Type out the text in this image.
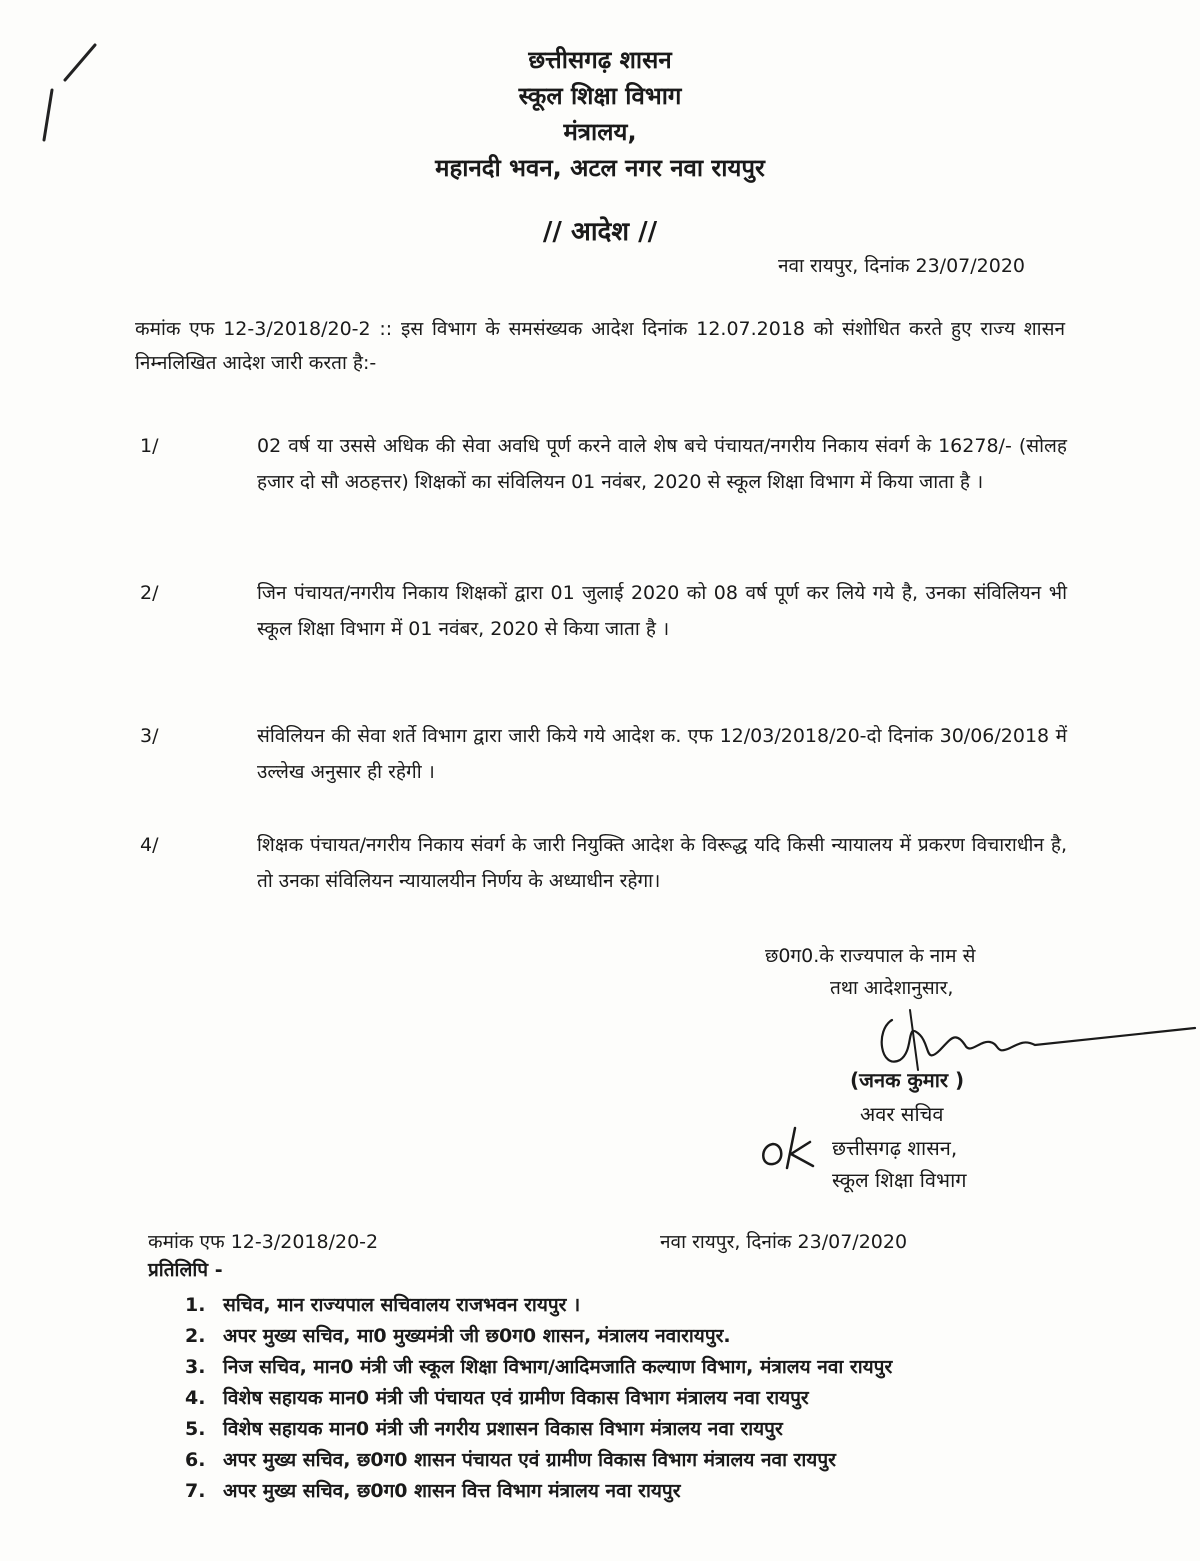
छत्तीसगढ़ शासन
स्कूल शिक्षा विभाग
मंत्रालय,
महानदी भवन, अटल नगर नवा रायपुर
// आदेश //
नवा रायपुर, दिनांक 23/07/2020
कमांक एफ 12-3/2018/20-2 :: इस विभाग के समसंख्यक आदेश दिनांक 12.07.2018 को संशोधित करते हुए राज्य शासन निम्नलिखित आदेश जारी करता है:-
1/	02 वर्ष या उससे अधिक की सेवा अवधि पूर्ण करने वाले शेष बचे पंचायत/नगरीय निकाय संवर्ग के 16278/- (सोलह हजार दो सौ अठहत्तर) शिक्षकों का संविलियन 01 नवंबर, 2020 से स्कूल शिक्षा विभाग में किया जाता है ।
2/	जिन पंचायत/नगरीय निकाय शिक्षकों द्वारा 01 जुलाई 2020 को 08 वर्ष पूर्ण कर लिये गये है, उनका संविलियन भी स्कूल शिक्षा विभाग में 01 नवंबर, 2020 से किया जाता है ।
3/	संविलियन की सेवा शर्ते विभाग द्वारा जारी किये गये आदेश क. एफ 12/03/2018/20-दो दिनांक 30/06/2018 में उल्लेख अनुसार ही रहेगी ।
4/	शिक्षक पंचायत/नगरीय निकाय संवर्ग के जारी नियुक्ति आदेश के विरूद्ध यदि किसी न्यायालय में प्रकरण विचाराधीन है, तो उनका संविलियन न्यायालयीन निर्णय के अध्याधीन रहेगा।
छ0ग0.के राज्यपाल के नाम से
तथा आदेशानुसार,
(जनक कुमार )
अवर सचिव
छत्तीसगढ़ शासन,
स्कूल शिक्षा विभाग
कमांक एफ 12-3/2018/20-2	नवा रायपुर, दिनांक 23/07/2020
प्रतिलिपि -
1. सचिव, मान राज्यपाल सचिवालय राजभवन रायपुर ।
2. अपर मुख्य सचिव, मा0 मुख्यमंत्री जी छ0ग0 शासन, मंत्रालय नवारायपुर.
3. निज सचिव, मान0 मंत्री जी स्कूल शिक्षा विभाग/आदिमजाति कल्याण विभाग, मंत्रालय नवा रायपुर
4. विशेष सहायक मान0 मंत्री जी पंचायत एवं ग्रामीण विकास विभाग मंत्रालय नवा रायपुर
5. विशेष सहायक मान0 मंत्री जी नगरीय प्रशासन विकास विभाग मंत्रालय नवा रायपुर
6. अपर मुख्य सचिव, छ0ग0 शासन पंचायत एवं ग्रामीण विकास विभाग मंत्रालय नवा रायपुर
7. अपर मुख्य सचिव, छ0ग0 शासन वित्त विभाग मंत्रालय नवा रायपुर
